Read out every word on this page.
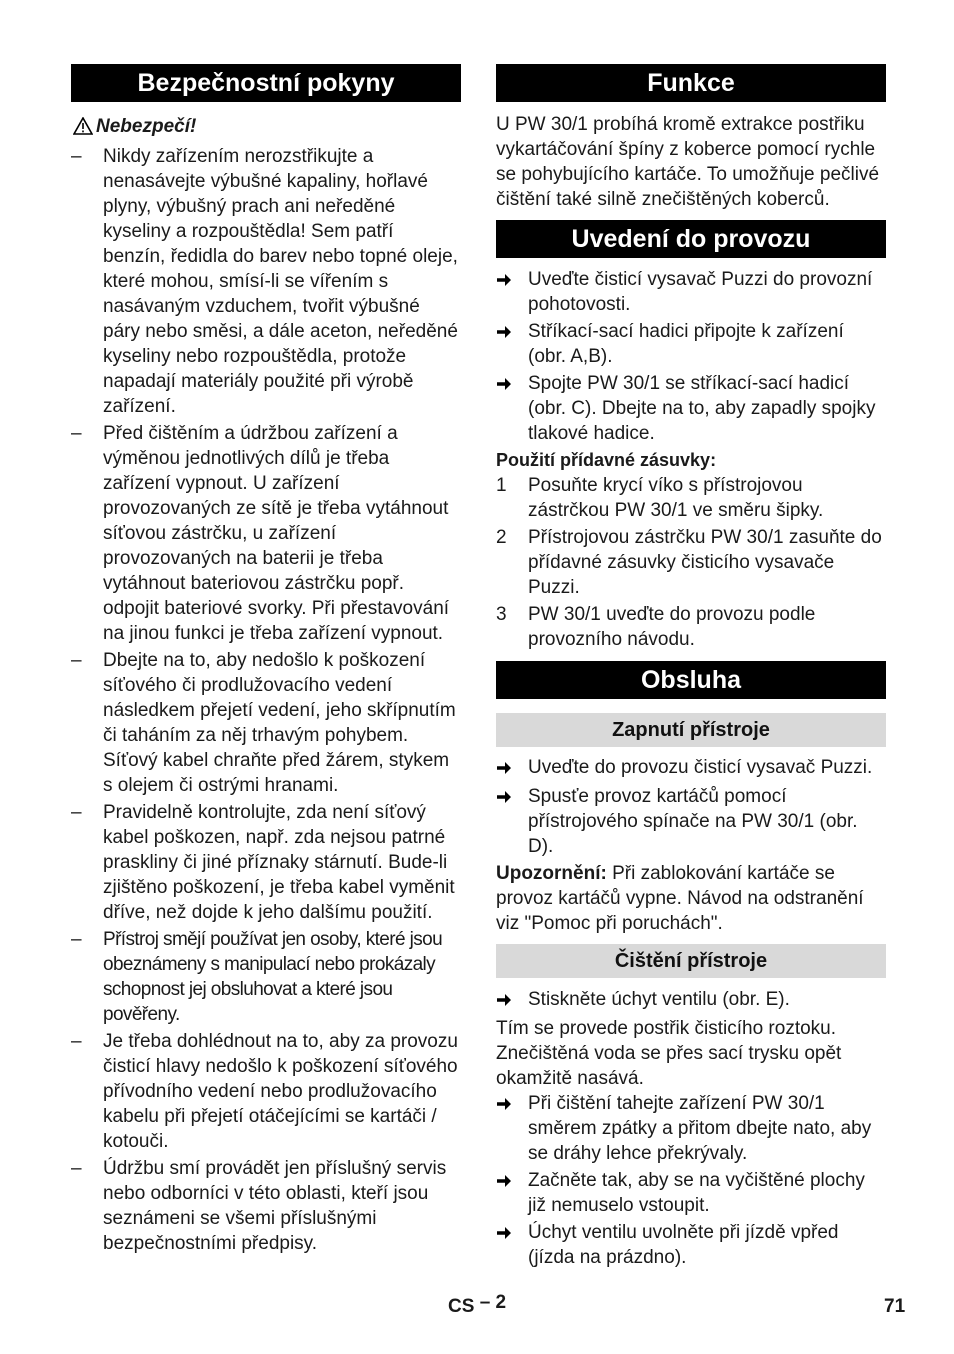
Bezpečnostní pokyny
Nebezpečí!
–	Nikdy zařízením nerozstřikujte a nenasávejte výbušné kapaliny, hořlavé plyny, výbušný prach ani neředěné kyseliny a rozpouštědla! Sem patří benzín, ředidla do barev nebo topné oleje, které mohou, smísí-li se vířením s nasávaným vzduchem, tvořit výbušné páry nebo směsi, a dále aceton, neředěné kyseliny nebo rozpouštědla, protože napadají materiály použité při výrobě zařízení.
–	Před čištěním a údržbou zařízení a výměnou jednotlivých dílů je třeba zařízení vypnout. U zařízení provozovaných ze sítě je třeba vytáhnout síťovou zástrčku, u zařízení provozovaných na baterii je třeba vytáhnout bateriovou zástrčku popř. odpojit bateriové svorky. Při přestavování na jinou funkci je třeba zařízení vypnout.
–	Dbejte na to, aby nedošlo k poškození síťového či prodlužovacího vedení následkem přejetí vedení, jeho skřípnutím či taháním za něj trhavým pohybem. Síťový kabel chraňte před žárem, stykem s olejem či ostrými hranami.
–	Pravidelně kontrolujte, zda není síťový kabel poškozen, např. zda nejsou patrné praskliny či jiné příznaky stárnutí. Bude-li zjištěno poškození, je třeba kabel vyměnit dříve, než dojde k jeho dalšímu použití.
–	Přístroj smějí používat jen osoby, které jsou obeznámeny s manipulací nebo prokázaly schopnost jej obsluhovat a které jsou pověřeny.
–	Je třeba dohlédnout na to, aby za provozu čisticí hlavy nedošlo k poškození síťového přívodního vedení nebo prodlužovacího kabelu při přejetí otáčejícími se kartáči / kotouči.
–	Údržbu smí provádět jen příslušný servis nebo odborníci v této oblasti, kteří jsou seznámeni se všemi příslušnými bezpečnostními předpisy.
Funkce

U PW 30/1 probíhá kromě extrakce postřiku vykartáčování špíny z koberce pomocí rychle se pohybujícího kartáče. To umožňuje pečlivé čištění také silně znečištěných koberců.

Uvedení do provozu
Uveďte čisticí vysavač Puzzi do provozní pohotovosti.
Stříkací-sací hadici připojte k zařízení (obr. A,B).
Spojte PW 30/1 se stříkací-sací hadicí (obr. C). Dbejte na to, aby zapadly spojky tlakové hadice.

Použití přídavné zásuvky:

1	Posuňte krycí víko s přístrojovou zástrčkou PW 30/1 ve směru šipky.
2	Přístrojovou zástrčku PW 30/1 zasuňte do přídavné zásuvky čisticího vysavače Puzzi.
3	PW 30/1 uveďte do provozu podle provozního návodu.
Obsluha
Zapnutí přístroje
Uveďte do provozu čisticí vysavač Puzzi.
Spusťe provoz kartáčů pomocí přístrojového spínače na PW 30/1 (obr. D).

Upozornění: Při zablokování kartáče se provoz kartáčů vypne. Návod na odstranění viz "Pomoc při poruchách".

Čištění přístroje
Stiskněte úchyt ventilu (obr. E).

Tím se provede postřik čisticího roztoku. Znečištěná voda se přes sací trysku opět okamžitě nasává.

Při čištění tahejte zařízení PW 30/1 směrem zpátky a přitom dbejte nato, aby se dráhy lehce překrývaly.
Začněte tak, aby se na vyčištěné plochy již nemuselo vstoupit.
Úchyt ventilu uvolněte při jízdě vpřed (jízda na prázdno).
CS – 2	71
